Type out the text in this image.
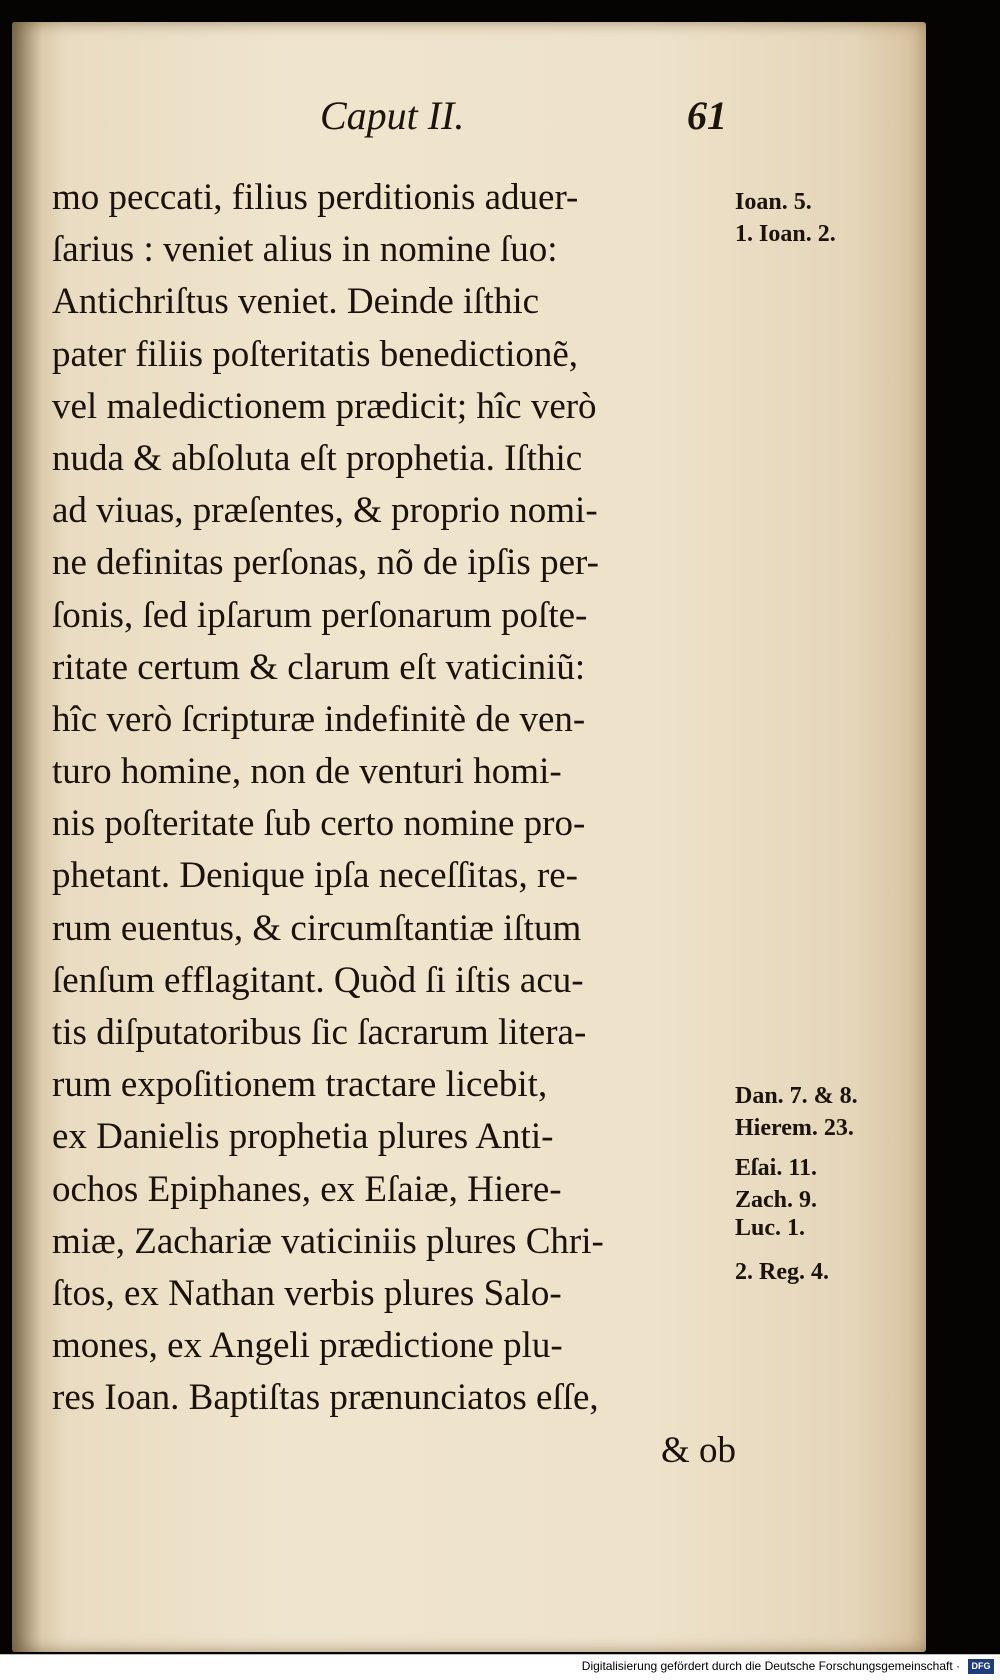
Caput II.	61
mo peccati, filius perditionis aduer-
ſarius : veniet alius in nomine ſuo:
Antichriſtus veniet. Deinde iſthic
pater filiis poſteritatis benedictionẽ,
vel maledictionem prædicit; hîc verò
nuda & abſoluta eſt prophetia. Iſthic
ad viuas, præſentes, & proprio nomi-
ne definitas perſonas, nõ de ipſis per-
ſonis, ſed ipſarum perſonarum poſte-
ritate certum & clarum eſt vaticiniũ:
hîc verò ſcripturæ indefinitè de ven-
turo homine, non de venturi homi-
nis poſteritate ſub certo nomine pro-
phetant. Denique ipſa neceſſitas, re-
rum euentus, & circumſtantiæ iſtum
ſenſum efflagitant. Quòd ſi iſtis acu-
tis diſputatoribus ſic ſacrarum litera-
rum expoſitionem tractare licebit,
ex Danielis prophetia plures Anti-
ochos Epiphanes, ex Eſaiæ, Hiere-
miæ, Zachariæ vaticiniis plures Chri-
ſtos, ex Nathan verbis plures Salo-
mones, ex Angeli prædictione plu-
res Ioan. Baptiſtas prænunciatos eſſe,
& ob
Ioan. 5.
1. Ioan. 2.
Dan. 7. & 8.
Hierem. 23.
Eſai. 11.
Zach. 9.
Luc. 1.
2. Reg. 4.
Digitalisierung gefördert durch die Deutsche Forschungsgemeinschaft ·	DFG
